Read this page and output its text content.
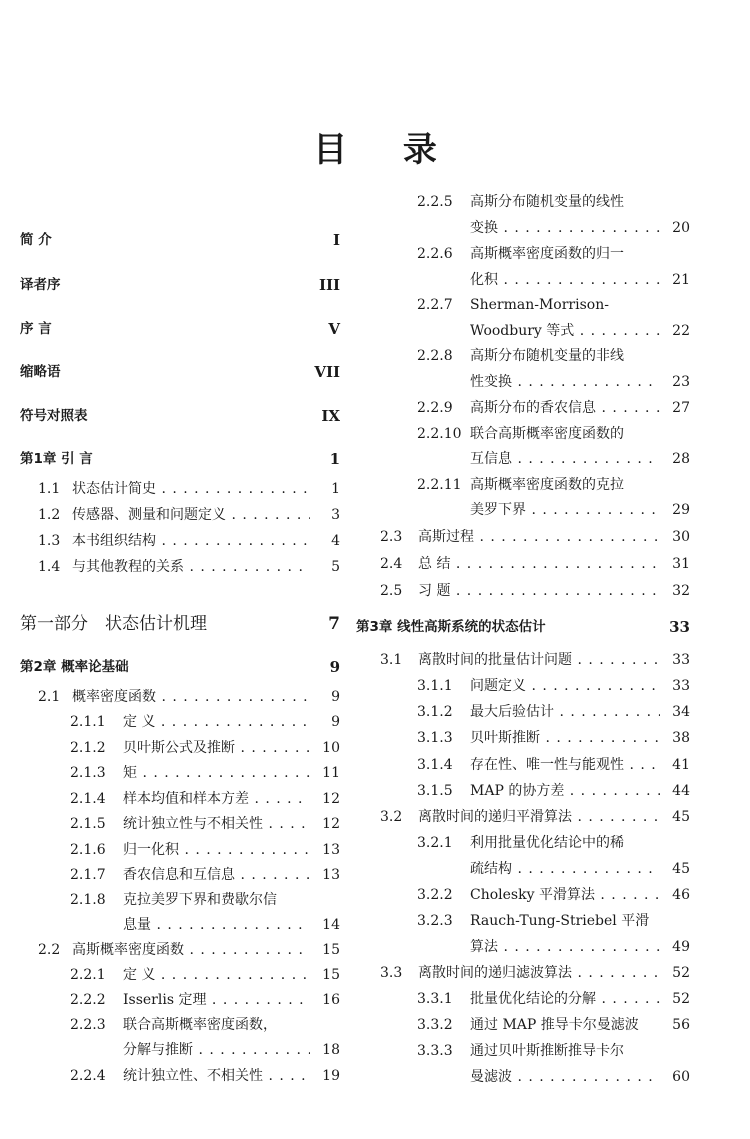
目 录
简 介	I
译者序	III
序 言	V
缩略语	VII
符号对照表	IX
第1章 引 言	1
1.1 状态估计简史 . . .	1
1.2 传感器、测量和问题定义 . . .	3
1.3 本书组织结构 . . .	4
1.4 与其他教程的关系 . . .	5
第一部分　状态估计机理	7
第2章 概率论基础	9
2.1 概率密度函数 . . .	9
2.1.1 定 义 . . .	9
2.1.2 贝叶斯公式及推断 . . .	10
2.1.3 矩 . . .	11
2.1.4 样本均值和样本方差 . . .	12
2.1.5 统计独立性与不相关性 . . .	12
2.1.6 归一化积 . . .	13
2.1.7 香农信息和互信息 . . .	13
2.1.8 克拉美罗下界和费歇尔信
息量 . . .	14
2.2 高斯概率密度函数 . . .	15
2.2.1 定 义 . . .	15
2.2.2 Isserlis 定理 . . .	16
2.2.3 联合高斯概率密度函数，
分解与推断 . . .	18
2.2.4 统计独立性、不相关性 . . .	19
2.2.5 高斯分布随机变量的线性
变换 . . .	20
2.2.6 高斯概率密度函数的归一
化积 . . .	21
2.2.7 Sherman-Morrison-
Woodbury 等式 . . .	22
2.2.8 高斯分布随机变量的非线
性变换 . . .	23
2.2.9 高斯分布的香农信息 . . .	27
2.2.10 联合高斯概率密度函数的
互信息 . . .	28
2.2.11 高斯概率密度函数的克拉
美罗下界 . . .	29
2.3 高斯过程 . . .	30
2.4 总 结 . . .	31
2.5 习 题 . . .	32
第3章 线性高斯系统的状态估计	33
3.1 离散时间的批量估计问题 . . .	33
3.1.1 问题定义 . . .	33
3.1.2 最大后验估计 . . .	34
3.1.3 贝叶斯推断 . . .	38
3.1.4 存在性、唯一性与能观性 . . .	41
3.1.5 MAP 的协方差 . . .	44
3.2 离散时间的递归平滑算法 . . .	45
3.2.1 利用批量优化结论中的稀
疏结构 . . .	45
3.2.2 Cholesky 平滑算法 . . .	46
3.2.3 Rauch-Tung-Striebel 平滑
算法 . . .	49
3.3 离散时间的递归滤波算法 . . .	52
3.3.1 批量优化结论的分解 . . .	52
3.3.2 通过 MAP 推导卡尔曼滤波	56
3.3.3 通过贝叶斯推断推导卡尔
曼滤波 . . .	60
